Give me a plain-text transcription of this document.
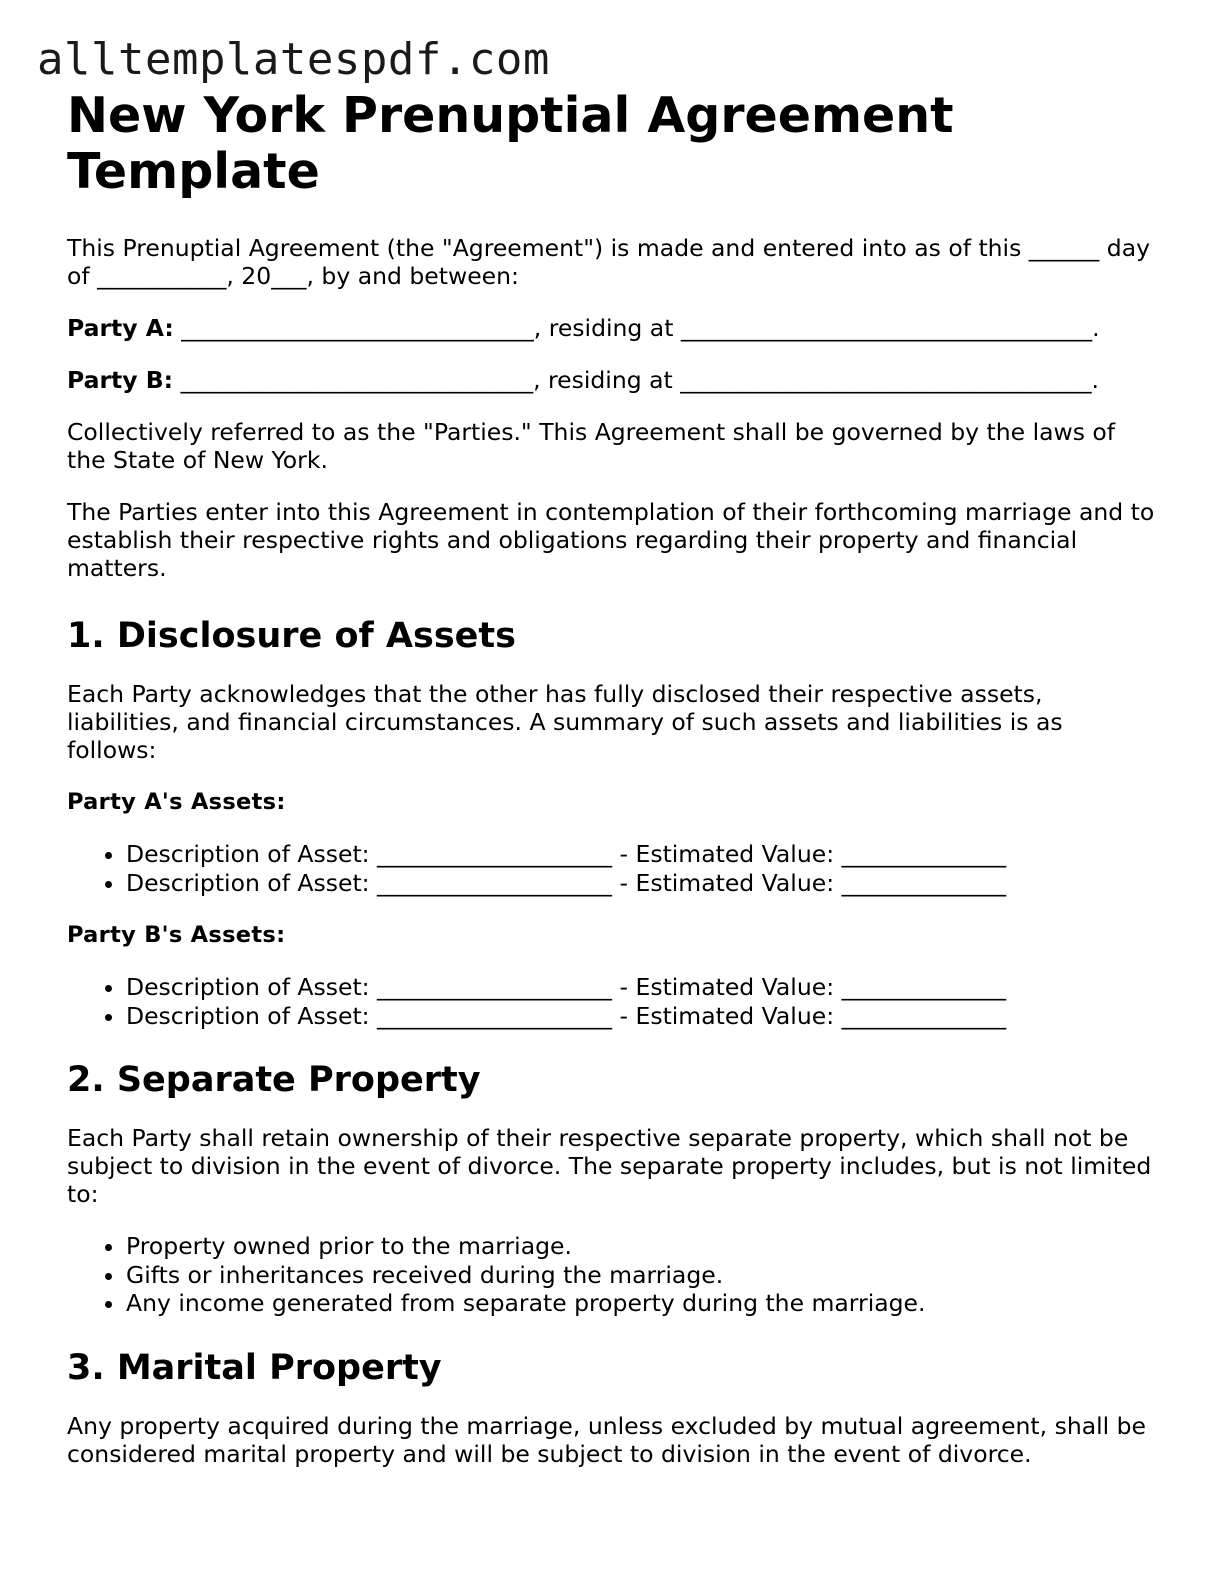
alltemplatespdf.com
New York Prenuptial Agreement Template

This Prenuptial Agreement (the "Agreement") is made and entered into as of this ______ day of ___________, 20___, by and between:

Party A: ______________________________, residing at ___________________________________.

Party B: ______________________________, residing at ___________________________________.

Collectively referred to as the "Parties." This Agreement shall be governed by the laws of the State of New York.

The Parties enter into this Agreement in contemplation of their forthcoming marriage and to establish their respective rights and obligations regarding their property and financial matters.

1. Disclosure of Assets

Each Party acknowledges that the other has fully disclosed their respective assets, liabilities, and financial circumstances. A summary of such assets and liabilities is as follows:

Party A's Assets:
• Description of Asset: ____________________ - Estimated Value: ______________
• Description of Asset: ____________________ - Estimated Value: ______________
Party B's Assets:
• Description of Asset: ____________________ - Estimated Value: ______________
• Description of Asset: ____________________ - Estimated Value: ______________
2. Separate Property

Each Party shall retain ownership of their respective separate property, which shall not be subject to division in the event of divorce. The separate property includes, but is not limited to:

• Property owned prior to the marriage.
• Gifts or inheritances received during the marriage.
• Any income generated from separate property during the marriage.
3. Marital Property

Any property acquired during the marriage, unless excluded by mutual agreement, shall be considered marital property and will be subject to division in the event of divorce.
